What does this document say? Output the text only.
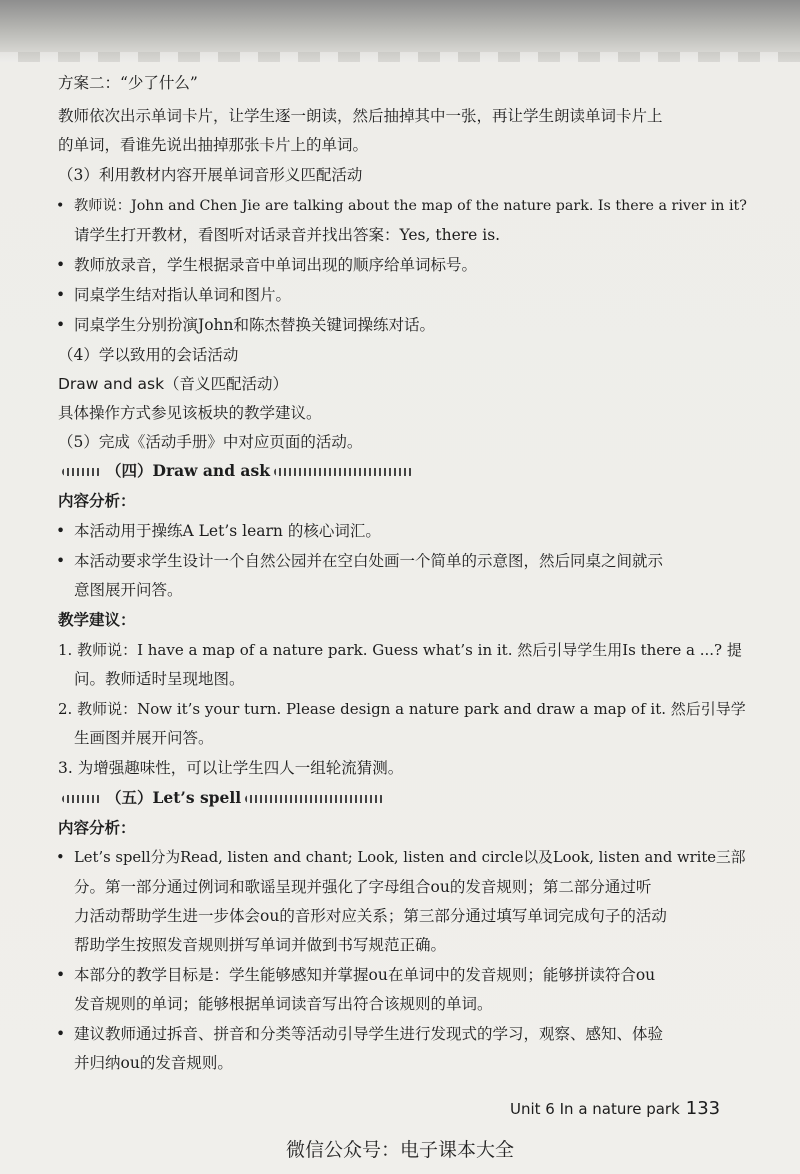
方案二：“少了什么”
教师依次出示单词卡片，让学生逐一朗读，然后抽掉其中一张，再让学生朗读单词卡片上
的单词，看谁先说出抽掉那张卡片上的单词。
（3）利用教材内容开展单词音形义匹配活动
• 教师说：John and Chen Jie are talking about the map of the nature park. Is there a river in it?
请学生打开教材，看图听对话录音并找出答案：Yes, there is.
• 教师放录音，学生根据录音中单词出现的顺序给单词标号。
• 同桌学生结对指认单词和图片。
• 同桌学生分别扮演John和陈杰替换关键词操练对话。
（4）学以致用的会话活动
Draw and ask（音义匹配活动）
具体操作方式参见该板块的教学建议。
（5）完成《活动手册》中对应页面的活动。
（四）Draw and ask
内容分析：
• 本活动用于操练A Let’s learn 的核心词汇。
• 本活动要求学生设计一个自然公园并在空白处画一个简单的示意图，然后同桌之间就示
意图展开问答。
教学建议：
1. 教师说：I have a map of a nature park. Guess what’s in it. 然后引导学生用Is there a ...? 提
问。教师适时呈现地图。
2. 教师说：Now it’s your turn. Please design a nature park and draw a map of it. 然后引导学
生画图并展开问答。
3. 为增强趣味性，可以让学生四人一组轮流猜测。
（五）Let’s spell
内容分析：
• Let’s spell分为Read, listen and chant; Look, listen and circle以及Look, listen and write三部
分。第一部分通过例词和歌谣呈现并强化了字母组合ou的发音规则；第二部分通过听
力活动帮助学生进一步体会ou的音形对应关系；第三部分通过填写单词完成句子的活动
帮助学生按照发音规则拼写单词并做到书写规范正确。
• 本部分的教学目标是：学生能够感知并掌握ou在单词中的发音规则；能够拼读符合ou
发音规则的单词；能够根据单词读音写出符合该规则的单词。
• 建议教师通过拆音、拼音和分类等活动引导学生进行发现式的学习，观察、感知、体验
并归纳ou的发音规则。
Unit 6 In a nature park 133
微信公众号：电子课本大全
